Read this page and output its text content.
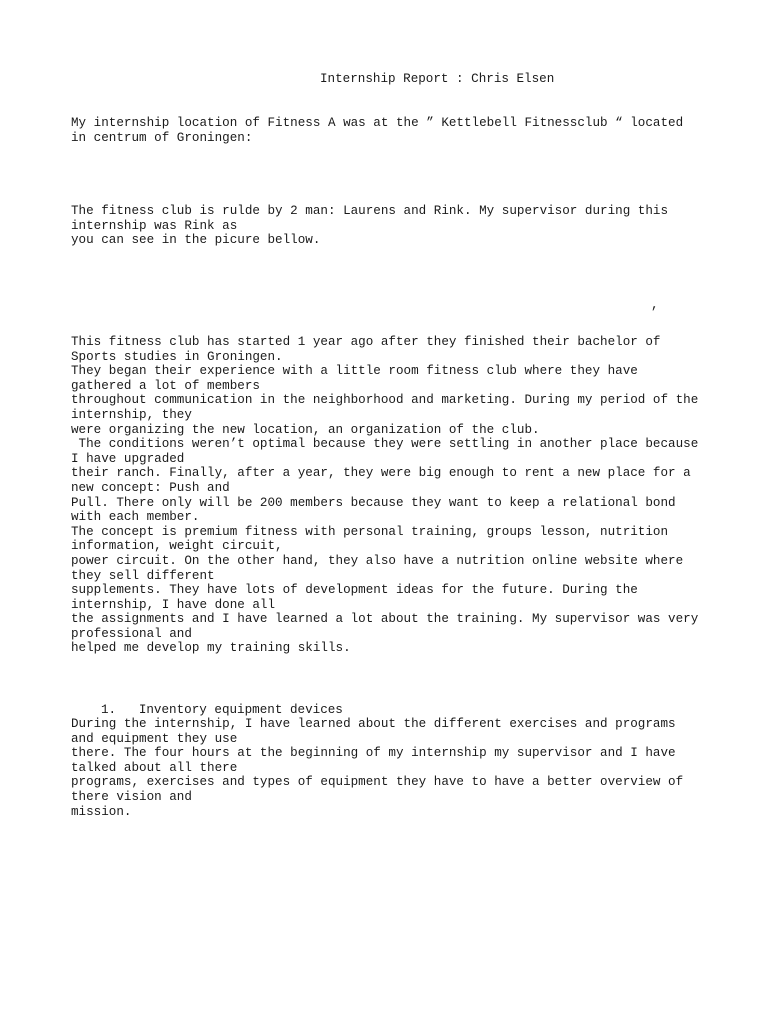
Internship Report : Chris Elsen
My internship location of Fitness A was at the ” Kettlebell Fitnessclub “ located
in centrum of Groningen:
The fitness club is rulde by 2 man: Laurens and Rink. My supervisor during this
internship was Rink as
you can see in the picure bellow.
,
This fitness club has started 1 year ago after they finished their bachelor of
Sports studies in Groningen.
They began their experience with a little room fitness club where they have
gathered a lot of members
throughout communication in the neighborhood and marketing. During my period of the
internship, they
were organizing the new location, an organization of the club.
The conditions weren’t optimal because they were settling in another place because
I have upgraded
their ranch. Finally, after a year, they were big enough to rent a new place for a
new concept: Push and
Pull. There only will be 200 members because they want to keep a relational bond
with each member.
The concept is premium fitness with personal training, groups lesson, nutrition
information, weight circuit,
power circuit. On the other hand, they also have a nutrition online website where
they sell different
supplements. They have lots of development ideas for the future. During the
internship, I have done all
the assignments and I have learned a lot about the training. My supervisor was very
professional and
helped me develop my training skills.
1. Inventory equipment devices
During the internship, I have learned about the different exercises and programs
and equipment they use
there. The four hours at the beginning of my internship my supervisor and I have
talked about all there
programs, exercises and types of equipment they have to have a better overview of
there vision and
mission.
